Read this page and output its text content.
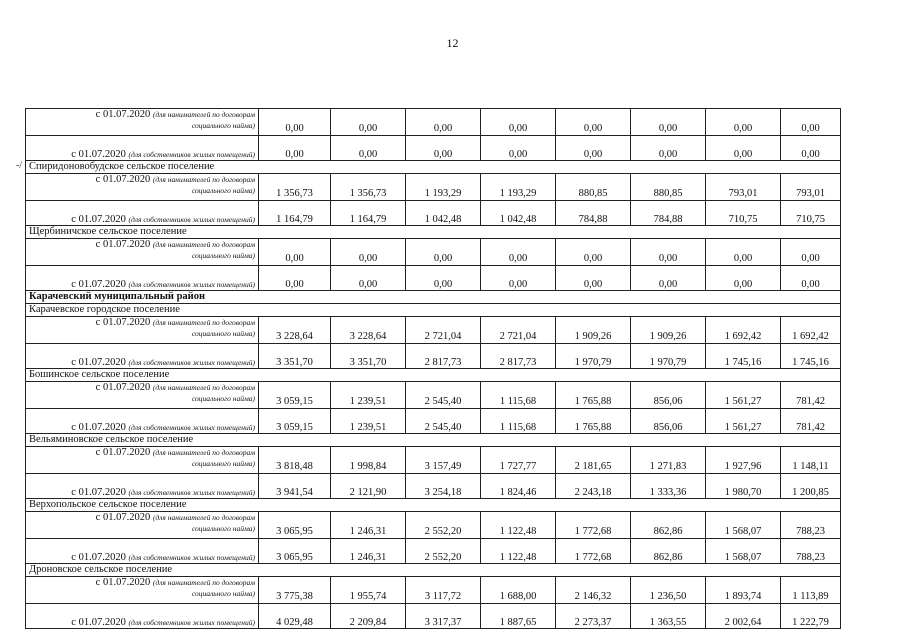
12
-/
с 01.07.2020 (для нанимателей по договорам
социального найма)	0,00	0,00	0,00	0,00	0,00	0,00	0,00	0,00
с 01.07.2020 (для собственников жилых помещений)	0,00	0,00	0,00	0,00	0,00	0,00	0,00	0,00
Спиридоновобудское сельское поселение								

с 01.07.2020 (для нанимателей по договорам
социального найма)	1 356,73	1 356,73	1 193,29	1 193,29	880,85	880,85	793,01	793,01
с 01.07.2020 (для собственников жилых помещений)	1 164,79	1 164,79	1 042,48	1 042,48	784,88	784,88	710,75	710,75
Щербиничское сельское поселение								

с 01.07.2020 (для нанимателей по договорам
социального найма)	0,00	0,00	0,00	0,00	0,00	0,00	0,00	0,00
с 01.07.2020 (для собственников жилых помещений)	0,00	0,00	0,00	0,00	0,00	0,00	0,00	0,00
Карачевский муниципальный район								
Карачевское городское поселение								

с 01.07.2020 (для нанимателей по договорам
социального найма)	3 228,64	3 228,64	2 721,04	2 721,04	1 909,26	1 909,26	1 692,42	1 692,42
с 01.07.2020 (для собственников жилых помещений)	3 351,70	3 351,70	2 817,73	2 817,73	1 970,79	1 970,79	1 745,16	1 745,16
Бошинское сельское поселение								

с 01.07.2020 (для нанимателей по договорам
социального найма)	3 059,15	1 239,51	2 545,40	1 115,68	1 765,88	856,06	1 561,27	781,42
с 01.07.2020 (для собственников жилых помещений)	3 059,15	1 239,51	2 545,40	1 115,68	1 765,88	856,06	1 561,27	781,42
Вельяминовское сельское поселение								

с 01.07.2020 (для нанимателей по договорам
социального найма)	3 818,48	1 998,84	3 157,49	1 727,77	2 181,65	1 271,83	1 927,96	1 148,11
с 01.07.2020 (для собственников жилых помещений)	3 941,54	2 121,90	3 254,18	1 824,46	2 243,18	1 333,36	1 980,70	1 200,85
Верхопольское сельское поселение								

с 01.07.2020 (для нанимателей по договорам
социального найма)	3 065,95	1 246,31	2 552,20	1 122,48	1 772,68	862,86	1 568,07	788,23
с 01.07.2020 (для собственников жилых помещений)	3 065,95	1 246,31	2 552,20	1 122,48	1 772,68	862,86	1 568,07	788,23
Дроновское сельское поселение								

с 01.07.2020 (для нанимателей по договорам
социального найма)	3 775,38	1 955,74	3 117,72	1 688,00	2 146,32	1 236,50	1 893,74	1 113,89
с 01.07.2020 (для собственников жилых помещений)	4 029,48	2 209,84	3 317,37	1 887,65	2 273,37	1 363,55	2 002,64	1 222,79
